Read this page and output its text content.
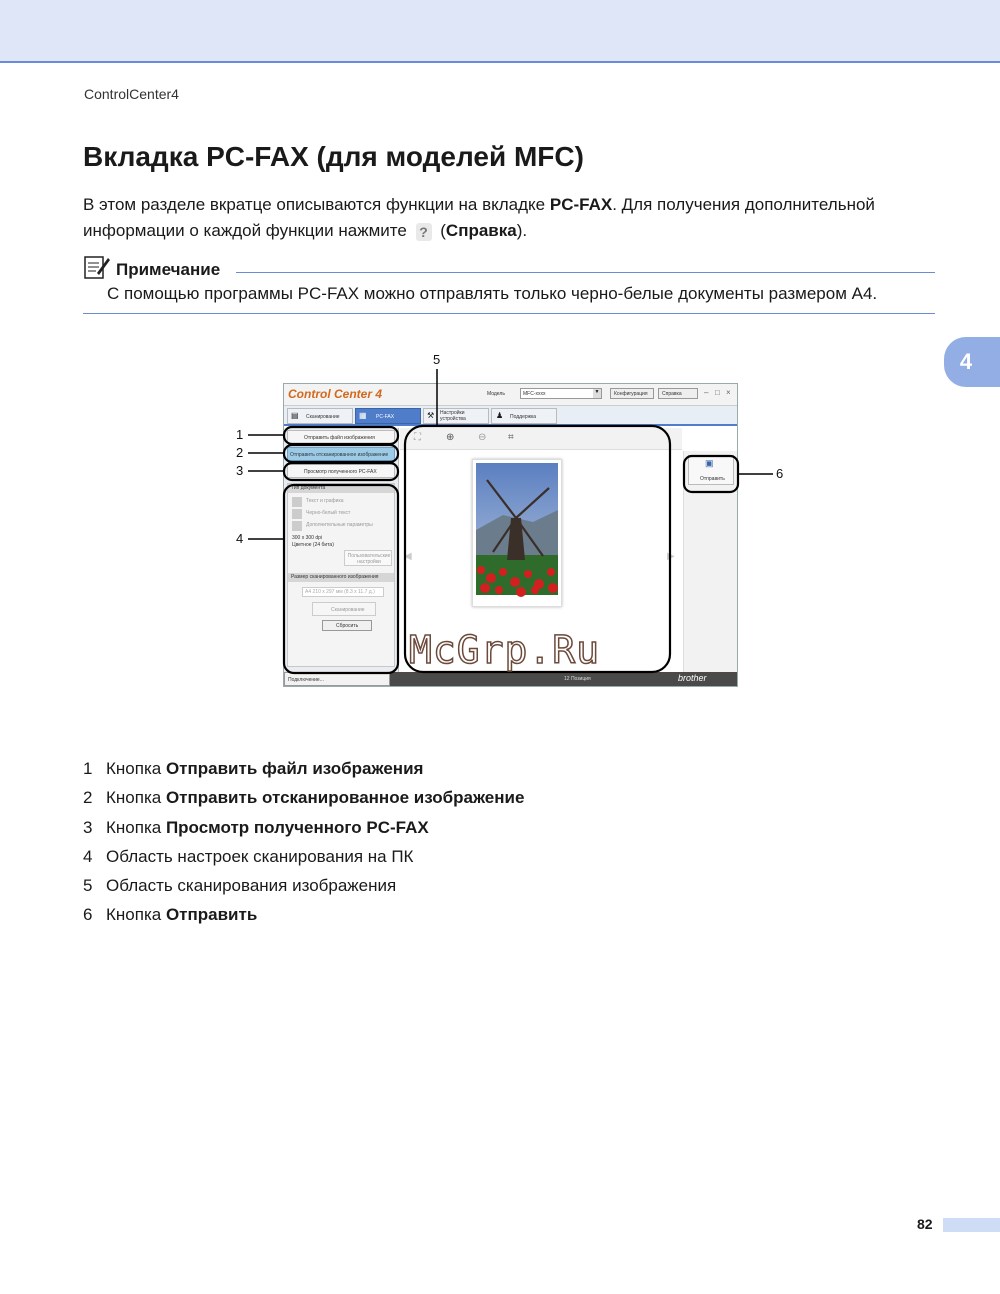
ControlCenter4
Вкладка PC-FAX (для моделей MFC)
В этом разделе вкратце описываются функции на вкладке PC-FAX. Для получения дополнительной информации о каждой функции нажмите ? (Справка).
Примечание
С помощью программы PC-FAX можно отправлять только черно-белые документы размером A4.
4
Control Center 4	Модель	MFC-xxxx	▼	Конфигурация	Справка	– □ ×
▤ Сканирование ▦ PC-FAX	⚒ Настройки устройства	♟ Поддержка
Отправить файл изображения
Отправить отсканированное изображение
Просмотр полученного PC-FAX
Тип документа
Текст и графика
Черно-белый текст
Дополнительные параметры
300 x 300 dpi
Цветное (24 бита)
Пользовательские настройки
Размер сканированного изображения
A4 210 x 297 мм (8.3 x 11.7 д.)
Сканирование
Сбросить
⛶	⊕ ⊖ ⌗
◀	▶
▣
Отправить
Подключение...	12 Позиция	brother
1
2
3
4
5
6
McGrp.Ru
1 Кнопка Отправить файл изображения
2 Кнопка Отправить отсканированное изображение
3 Кнопка Просмотр полученного PC-FAX
4 Область настроек сканирования на ПК
5 Область сканирования изображения
6 Кнопка Отправить
82
